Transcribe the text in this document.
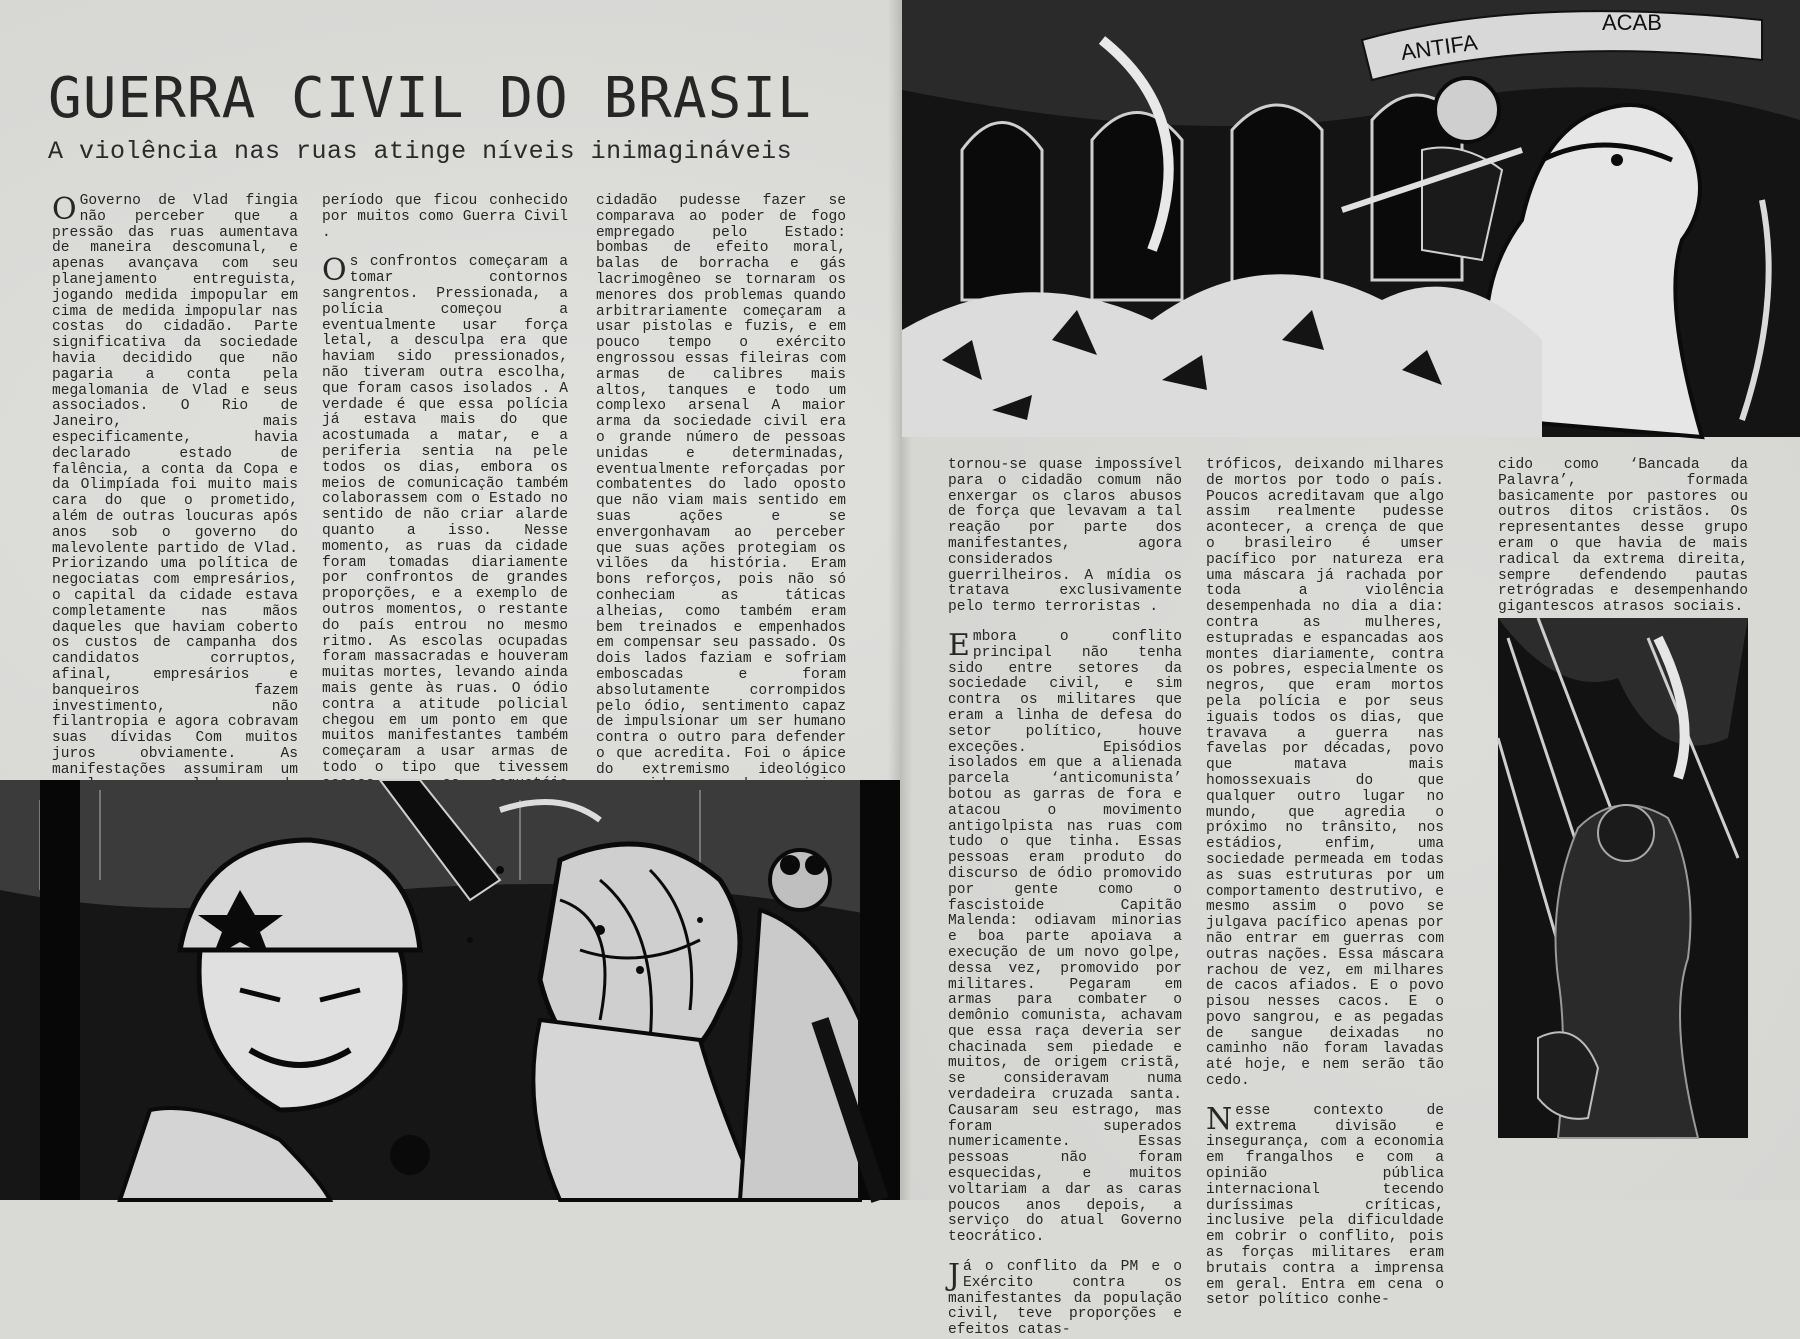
GUERRA CIVIL DO BRASIL
A violência nas ruas atinge níveis inimagináveis

O Governo de Vlad fingia não perceber que a pressão das ruas aumentava de maneira descomunal, e apenas avançava com seu planejamento entreguista, jogando medida impopular em cima de medida impopular nas costas do cidadão. Parte significativa da sociedade havia decidido que não pagaria a conta pela megalomania de Vlad e seus associados. O Rio de Janeiro, mais especificamente, havia declarado estado de falência, a conta da Copa e da Olimpíada foi muito mais cara do que o prometido, além de outras loucuras após anos sob o governo do malevolente partido de Vlad. Priorizando uma política de negociatas com empresários, o capital da cidade estava completamente nas mãos daqueles que haviam coberto os custos de campanha dos candidatos corruptos, afinal, empresários e banqueiros fazem investimento, não filantropia e agora cobravam suas dívidas Com muitos juros obviamente. As manifestações assumiram um

período que ficou conhecido por muitos como Guerra Civil .

Os confrontos começaram a tomar contornos sangrentos. Pressionada, a polícia começou a eventualmente usar força letal, a desculpa era que haviam sido pressionados, não tiveram outra escolha, que foram casos isolados . A verdade é que essa polícia já estava mais do que acostumada a matar, e a periferia sentia na pele todos os dias, embora os meios de comunicação também colaborassem com o Estado no sentido de não criar alarde quanto a isso. Nesse momento, as ruas da cidade foram tomadas diariamente por confrontos de grandes proporções, e a exemplo de outros momentos, o restante do país entrou no mesmo ritmo. As escolas ocupadas foram massacradas e houveram muitas mortes, levando ainda mais gente às ruas. O ódio contra a atitude policial chegou em um ponto em que muitos manifestantes também começaram a usar armas de todo o tipo que tivessem

cidadão pudesse fazer se comparava ao poder de fogo empregado pelo Estado: bombas de efeito moral, balas de borracha e gás lacrimogêneo se tornaram os menores dos problemas quando arbitrariamente começaram a usar pistolas e fuzis, e em pouco tempo o exército engrossou essas fileiras com armas de calibres mais altos, tanques e todo um complexo arsenal A maior arma da sociedade civil era o grande número de pessoas unidas e determinadas, eventualmente reforçadas por combatentes do lado oposto que não viam mais sentido em suas ações e se envergonhavam ao perceber que suas ações protegiam os vilões da história. Eram bons reforços, pois não só conheciam as táticas alheias, como também eram bem treinados e empenhados em compensar seu passado. Os dois lados faziam e sofriam emboscadas e foram absolutamente corrompidos pelo ódio, sentimento capaz de impulsionar um ser humano contra o outro para defender o que acredita. Foi o ápice do extremismo ideológico

tornou-se quase impossível para o cidadão comum não enxergar os claros abusos de força que levavam a tal reação por parte dos manifestantes, agora considerados guerrilheiros. A mídia os tratava exclusivamente pelo termo terroristas .

Embora o conflito principal não tenha sido entre setores da sociedade civil, e sim contra os militares que eram a linha de defesa do setor político, houve exceções. Episódios isolados em que a alienada parcela ‘anticomunista’ botou as garras de fora e atacou o movimento antigolpista nas ruas com tudo o que tinha. Essas pessoas eram produto do discurso de ódio promovido por gente como o fascistoide Capitão Malenda: odiavam minorias e boa parte apoiava a execução de um novo golpe, dessa vez, promovido por militares. Pegaram em armas para combater o demônio comunista, achavam que essa raça deveria ser chacinada sem piedade e muitos, de origem cristã, se consideravam numa verdadeira cruzada santa. Causaram seu estrago, mas foram superados numericamente. Essas pessoas não foram esquecidas, e muitos voltariam a dar as caras poucos anos depois, a serviço do atual Governo teocrático.

Já o conflito da PM e o Exército contra os manifestantes da população civil, teve proporções e efeitos catas-

tróficos, deixando milhares de mortos por todo o país. Poucos acreditavam que algo assim realmente pudesse acontecer, a crença de que o brasileiro é umser pacífico por natureza era uma máscara já rachada por toda a violência desempenhada no dia a dia: contra as mulheres, estupradas e espancadas aos montes diariamente, contra os pobres, especialmente os negros, que eram mortos pela polícia e por seus iguais todos os dias, que travava a guerra nas favelas por décadas, povo que matava mais homossexuais do que qualquer outro lugar no mundo, que agredia o próximo no trânsito, nos estádios, enfim, uma sociedade permeada em todas as suas estruturas por um comportamento destrutivo, e mesmo assim o povo se julgava pacífico apenas por não entrar em guerras com outras nações. Essa máscara rachou de vez, em milhares de cacos afiados. E o povo pisou nesses cacos. E o povo sangrou, e as pegadas de sangue deixadas no caminho não foram lavadas até hoje, e nem serão tão cedo.

Nesse contexto de extrema divisão e insegurança, com a economia em frangalhos e com a opinião pública internacional tecendo duríssimas críticas, inclusive pela dificuldade em cobrir o conflito, pois as forças militares eram brutais contra a imprensa em geral. Entra em cena o setor político conhe-

cido como ‘Bancada da Palavra’, formada basicamente por pastores ou outros ditos cristãos. Os representantes desse grupo eram o que havia de mais radical da extrema direita, sempre defendendo pautas retrógradas e desempenhando gigantescos atrasos sociais.

ANTIFA
ACAB
